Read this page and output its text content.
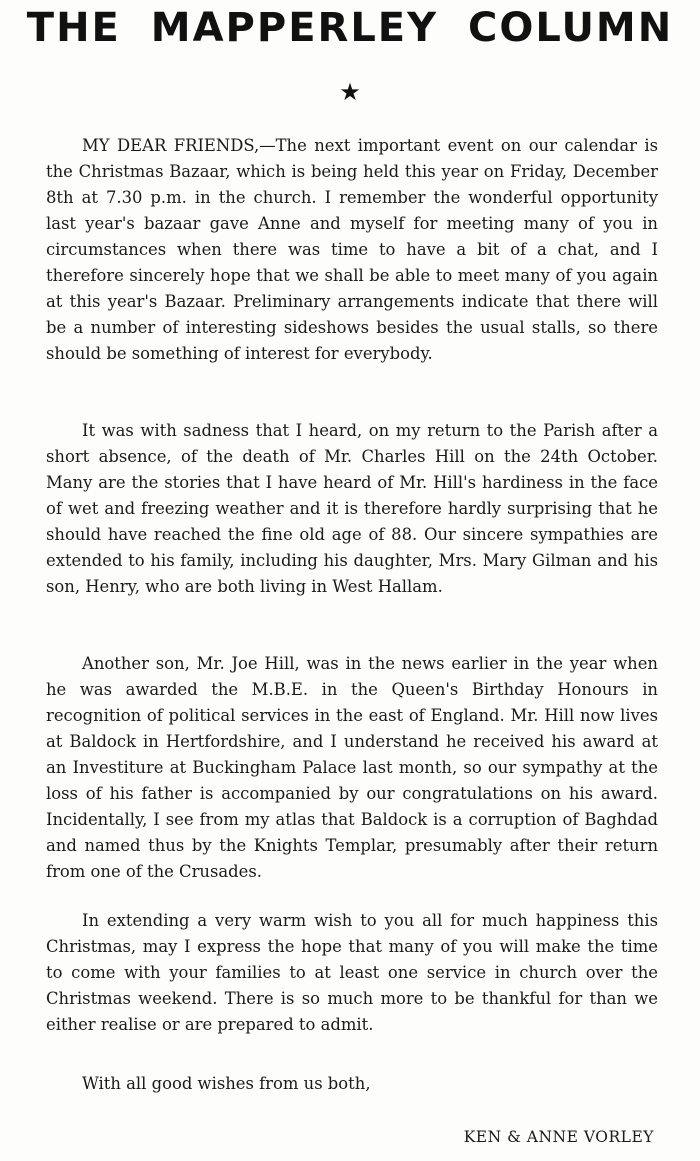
THE MAPPERLEY COLUMN
★

MY DEAR FRIENDS,—The next important event on our calendar is the Christmas Bazaar, which is being held this year on Friday, December 8th at 7.30 p.m. in the church. I remember the wonderful opportunity last year's bazaar gave Anne and myself for meeting many of you in circumstances when there was time to have a bit of a chat, and I therefore sincerely hope that we shall be able to meet many of you again at this year's Bazaar. Preliminary arrangements indicate that there will be a number of interesting sideshows besides the usual stalls, so there should be something of interest for everybody.

It was with sadness that I heard, on my return to the Parish after a short absence, of the death of Mr. Charles Hill on the 24th October. Many are the stories that I have heard of Mr. Hill's hardiness in the face of wet and freezing weather and it is therefore hardly surprising that he should have reached the fine old age of 88. Our sincere sympathies are extended to his family, including his daughter, Mrs. Mary Gilman and his son, Henry, who are both living in West Hallam.

Another son, Mr. Joe Hill, was in the news earlier in the year when he was awarded the M.B.E. in the Queen's Birthday Honours in recognition of political services in the east of England. Mr. Hill now lives at Baldock in Hertfordshire, and I understand he received his award at an Investiture at Buckingham Palace last month, so our sympathy at the loss of his father is accompanied by our congratulations on his award. Incidentally, I see from my atlas that Baldock is a corruption of Baghdad and named thus by the Knights Templar, presumably after their return from one of the Crusades.

In extending a very warm wish to you all for much happiness this Christmas, may I express the hope that many of you will make the time to come with your families to at least one service in church over the Christmas weekend. There is so much more to be thankful for than we either realise or are prepared to admit.

With all good wishes from us both,

KEN & ANNE VORLEY
